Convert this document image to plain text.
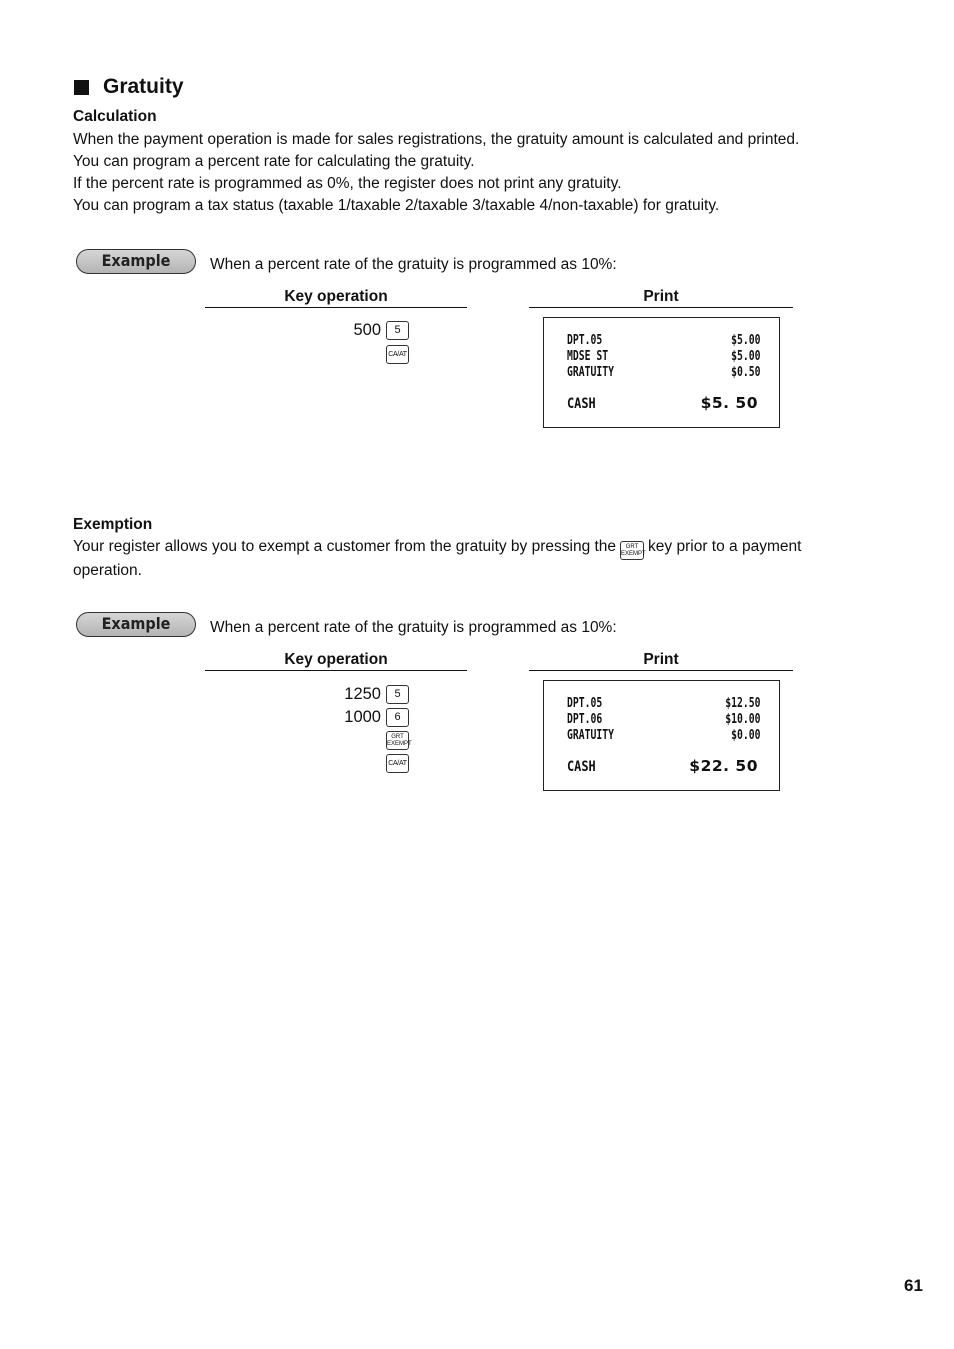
Gratuity
Calculation

When the payment operation is made for sales registrations, the gratuity amount is calculated and printed.

You can program a percent rate for calculating the gratuity.

If the percent rate is programmed as 0%, the register does not print any gratuity.

You can program a tax status (taxable 1/taxable 2/taxable 3/taxable 4/non-taxable) for gratuity.

Example	When a percent rate of the gratuity is programmed as 10%:
Key operation	Print
500	5
CA/AT
DPT.05	$5.00
MDSE ST	$5.00
GRATUITY	$0.50
CASH	$5. 50
Exemption

Your register allows you to exempt a customer from the gratuity by pressing the GRT
EXEMPT key prior to a payment

operation.

Example	When a percent rate of the gratuity is programmed as 10%:
Key operation	Print
1250	5
1000	6
GRT
EXEMPT
CA/AT
DPT.05	$12.50
DPT.06	$10.00
GRATUITY	$0.00
CASH	$22. 50
61
